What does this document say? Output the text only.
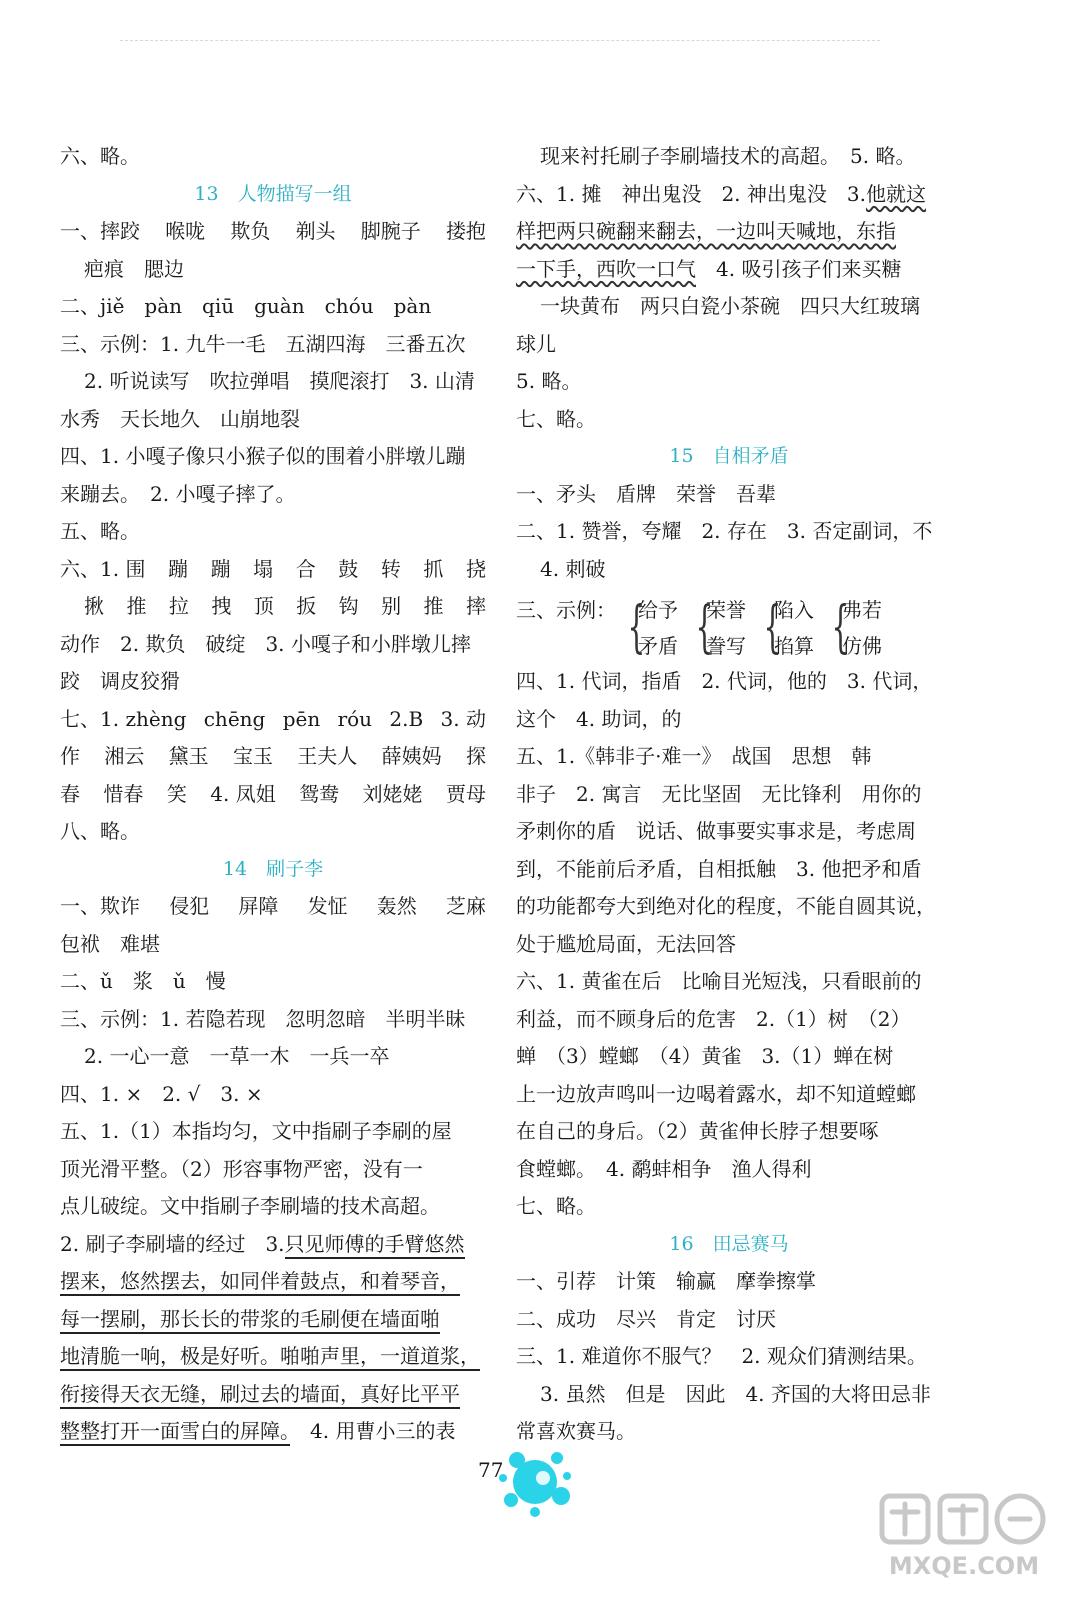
六、略。
13　人物描写一组
一、摔跤 喉咙 欺负 剃头 脚腕子 搂抱
疤痕　腮边
二、jiě　pàn　qiū　guàn　chóu　pàn
三、示例：1. 九牛一毛　五湖四海　三番五次
2. 听说读写　吹拉弹唱　摸爬滚打　3. 山清
水秀　天长地久　山崩地裂
四、1. 小嘎子像只小猴子似的围着小胖墩儿蹦
来蹦去。　2. 小嘎子摔了。
五、略。
六、1. 围 蹦 蹦 塌 合 鼓 转 抓 挠
揪 推 拉 拽 顶 扳 钩 别 推 摔
动作　2. 欺负　破绽　3. 小嘎子和小胖墩儿摔
跤　调皮狡猾
七、1. zhèng chēng pēn róu 2.B 3. 动
作 湘云 黛玉 宝玉 王夫人 薛姨妈 探
春 惜春 笑 4. 凤姐 鸳鸯 刘姥姥 贾母
八、略。
14　刷子李
一、欺诈 侵犯 屏障 发怔 轰然 芝麻
包袱　难堪
二、ǔ　浆　ǔ　慢
三、示例：1. 若隐若现　忽明忽暗　半明半昧
2. 一心一意　一草一木　一兵一卒
四、1. ×　2. √　3. ×
五、1.（1）本指均匀，文中指刷子李刷的屋
顶光滑平整。（2）形容事物严密，没有一
点儿破绽。文中指刷子李刷墙的技术高超。
2. 刷子李刷墙的经过　3.只见师傅的手臂悠然
摆来，悠然摆去，如同伴着鼓点，和着琴音，
每一摆刷，那长长的带浆的毛刷便在墙面啪
地清脆一响，极是好听。啪啪声里，一道道浆，
衔接得天衣无缝，刷过去的墙面，真好比平平
整整打开一面雪白的屏障。　4. 用曹小三的表
现来衬托刷子李刷墙技术的高超。　5. 略。
六、1. 摊　神出鬼没　2. 神出鬼没　3.他就这
样把两只碗翻来翻去，一边叫天喊地，东指
一下手，西吹一口气　4. 吸引孩子们来买糖
一块黄布　两只白瓷小茶碗　四只大红玻璃
球儿
5. 略。
七、略。
15　自相矛盾
一、矛头　盾牌　荣誉　吾辈
二、1. 赞誉，夸耀　2. 存在　3. 否定副词，不
4. 刺破
三、示例： {
给予
矛盾 {
荣誉
誊写 {
陷入
掐算 {
弗若
仿佛
四、1. 代词，指盾　2. 代词，他的　3. 代词，
这个　4. 助词，的
五、1.《韩非子·难一》　战国　思想　韩
非子　2. 寓言　无比坚固　无比锋利　用你的
矛刺你的盾　说话、做事要实事求是，考虑周
到，不能前后矛盾，自相抵触　3. 他把矛和盾
的功能都夸大到绝对化的程度，不能自圆其说，
处于尴尬局面，无法回答
六、1. 黄雀在后　比喻目光短浅，只看眼前的
利益，而不顾身后的危害　2.（1）树　（2）
蝉　（3）螳螂　（4）黄雀　3.（1）蝉在树
上一边放声鸣叫一边喝着露水，却不知道螳螂
在自己的身后。（2）黄雀伸长脖子想要啄
食螳螂。　4. 鹬蚌相争　渔人得利
七、略。
16　田忌赛马
一、引荐　计策　输赢　摩拳擦掌
二、成功　尽兴　肯定　讨厌
三、1. 难道你不服气？　2. 观众们猜测结果。
3. 虽然　但是　因此　4. 齐国的大将田忌非
常喜欢赛马。
77
MXQE.COM
